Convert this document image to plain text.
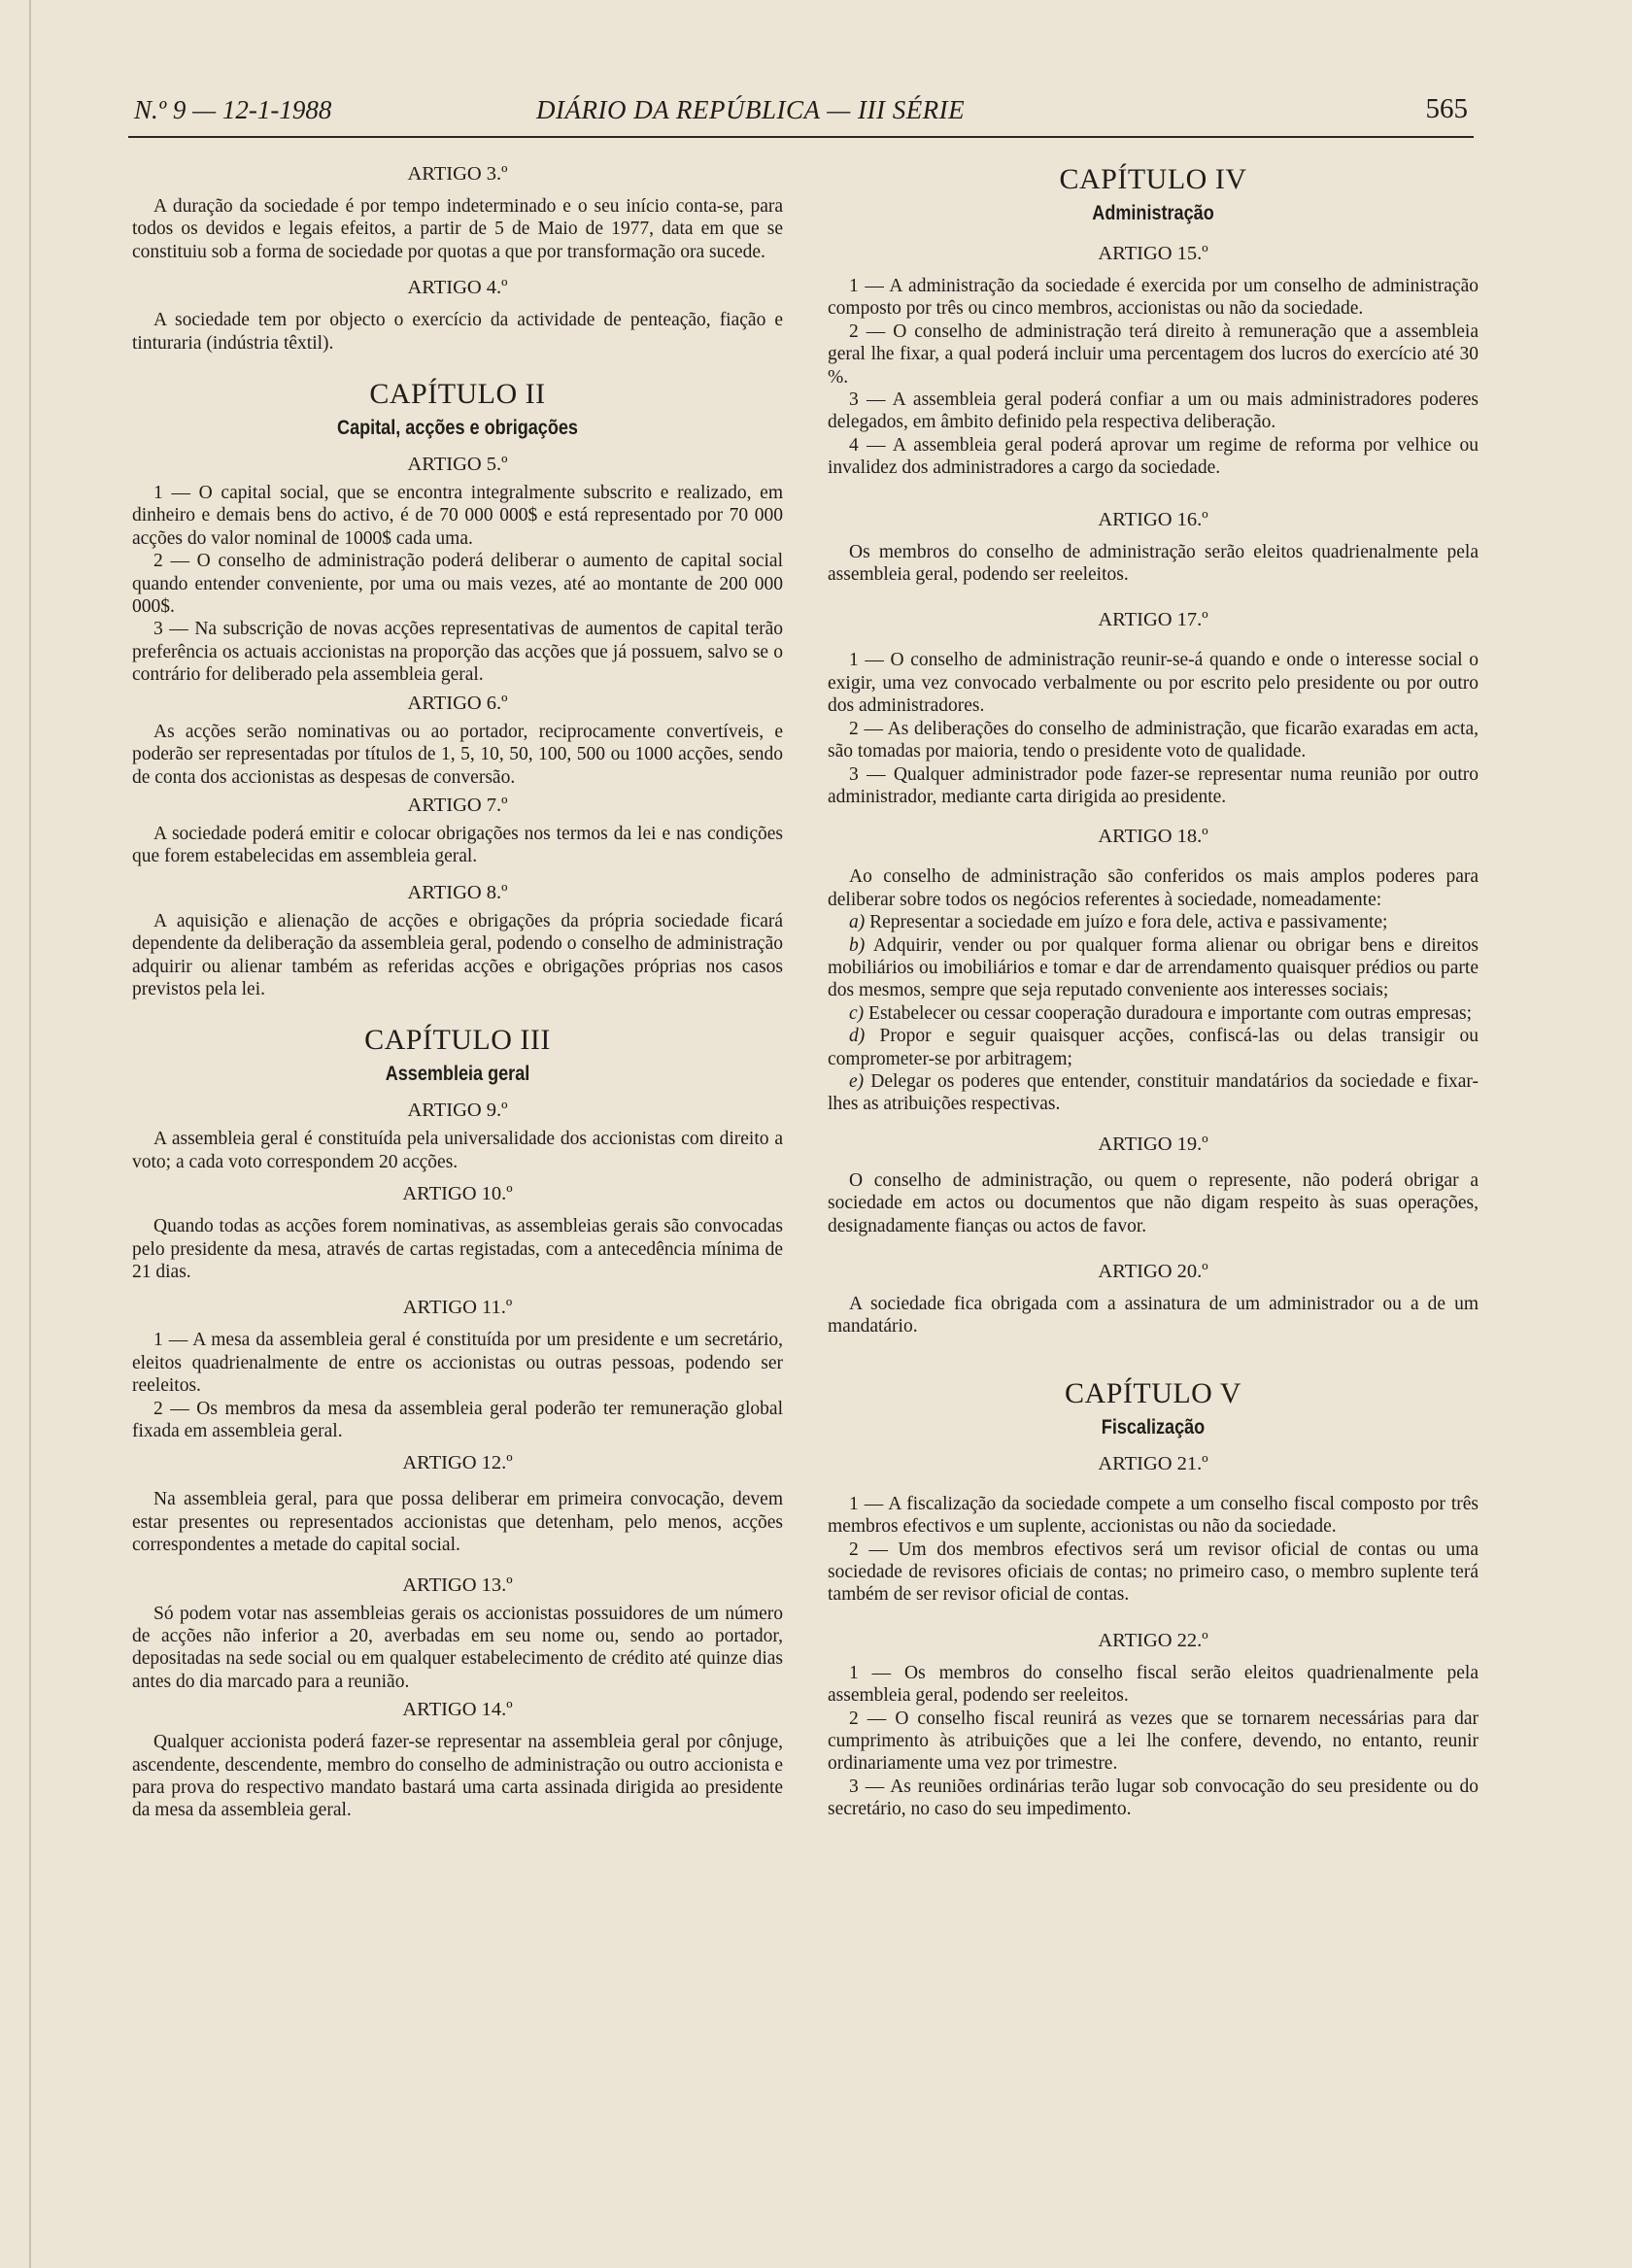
N.º 9 — 12-1-1988	DIÁRIO DA REPÚBLICA — III SÉRIE	565

ARTIGO 3.º

A duração da sociedade é por tempo indeterminado e o seu início conta-se, para todos os devidos e legais efeitos, a partir de 5 de Maio de 1977, data em que se constituiu sob a forma de sociedade por quotas a que por transformação ora sucede.

ARTIGO 4.º

A sociedade tem por objecto o exercício da actividade de penteação, fiação e tinturaria (indústria têxtil).

CAPÍTULO II

Capital, acções e obrigações

ARTIGO 5.º

1 — O capital social, que se encontra integralmente subscrito e realizado, em dinheiro e demais bens do activo, é de 70 000 000$ e está representado por 70 000 acções do valor nominal de 1000$ cada uma.

2 — O conselho de administração poderá deliberar o aumento de capital social quando entender conveniente, por uma ou mais vezes, até ao montante de 200 000 000$.

3 — Na subscrição de novas acções representativas de aumentos de capital terão preferência os actuais accionistas na proporção das acções que já possuem, salvo se o contrário for deliberado pela assembleia geral.

ARTIGO 6.º

As acções serão nominativas ou ao portador, reciprocamente convertíveis, e poderão ser representadas por títulos de 1, 5, 10, 50, 100, 500 ou 1000 acções, sendo de conta dos accionistas as despesas de conversão.

ARTIGO 7.º

A sociedade poderá emitir e colocar obrigações nos termos da lei e nas condições que forem estabelecidas em assembleia geral.

ARTIGO 8.º

A aquisição e alienação de acções e obrigações da própria sociedade ficará dependente da deliberação da assembleia geral, podendo o conselho de administração adquirir ou alienar também as referidas acções e obrigações próprias nos casos previstos pela lei.

CAPÍTULO III

Assembleia geral

ARTIGO 9.º

A assembleia geral é constituída pela universalidade dos accionistas com direito a voto; a cada voto correspondem 20 acções.

ARTIGO 10.º

Quando todas as acções forem nominativas, as assembleias gerais são convocadas pelo presidente da mesa, através de cartas registadas, com a antecedência mínima de 21 dias.

ARTIGO 11.º

1 — A mesa da assembleia geral é constituída por um presidente e um secretário, eleitos quadrienalmente de entre os accionistas ou outras pessoas, podendo ser reeleitos.

2 — Os membros da mesa da assembleia geral poderão ter remuneração global fixada em assembleia geral.

ARTIGO 12.º

Na assembleia geral, para que possa deliberar em primeira convocação, devem estar presentes ou representados accionistas que detenham, pelo menos, acções correspondentes a metade do capital social.

ARTIGO 13.º

Só podem votar nas assembleias gerais os accionistas possuidores de um número de acções não inferior a 20, averbadas em seu nome ou, sendo ao portador, depositadas na sede social ou em qualquer estabelecimento de crédito até quinze dias antes do dia marcado para a reunião.

ARTIGO 14.º

Qualquer accionista poderá fazer-se representar na assembleia geral por cônjuge, ascendente, descendente, membro do conselho de administração ou outro accionista e para prova do respectivo mandato bastará uma carta assinada dirigida ao presidente da mesa da assembleia geral.

CAPÍTULO IV

Administração

ARTIGO 15.º

1 — A administração da sociedade é exercida por um conselho de administração composto por três ou cinco membros, accionistas ou não da sociedade.

2 — O conselho de administração terá direito à remuneração que a assembleia geral lhe fixar, a qual poderá incluir uma percentagem dos lucros do exercício até 30 %.

3 — A assembleia geral poderá confiar a um ou mais administradores poderes delegados, em âmbito definido pela respectiva deliberação.

4 — A assembleia geral poderá aprovar um regime de reforma por velhice ou invalidez dos administradores a cargo da sociedade.

ARTIGO 16.º

Os membros do conselho de administração serão eleitos quadrienalmente pela assembleia geral, podendo ser reeleitos.

ARTIGO 17.º

1 — O conselho de administração reunir-se-á quando e onde o interesse social o exigir, uma vez convocado verbalmente ou por escrito pelo presidente ou por outro dos administradores.

2 — As deliberações do conselho de administração, que ficarão exaradas em acta, são tomadas por maioria, tendo o presidente voto de qualidade.

3 — Qualquer administrador pode fazer-se representar numa reunião por outro administrador, mediante carta dirigida ao presidente.

ARTIGO 18.º

Ao conselho de administração são conferidos os mais amplos poderes para deliberar sobre todos os negócios referentes à sociedade, nomeadamente:

a) Representar a sociedade em juízo e fora dele, activa e passivamente;

b) Adquirir, vender ou por qualquer forma alienar ou obrigar bens e direitos mobiliários ou imobiliários e tomar e dar de arrendamento quaisquer prédios ou parte dos mesmos, sempre que seja reputado conveniente aos interesses sociais;

c) Estabelecer ou cessar cooperação duradoura e importante com outras empresas;

d) Propor e seguir quaisquer acções, confiscá-las ou delas transigir ou comprometer-se por arbitragem;

e) Delegar os poderes que entender, constituir mandatários da sociedade e fixar-lhes as atribuições respectivas.

ARTIGO 19.º

O conselho de administração, ou quem o represente, não poderá obrigar a sociedade em actos ou documentos que não digam respeito às suas operações, designadamente fianças ou actos de favor.

ARTIGO 20.º

A sociedade fica obrigada com a assinatura de um administrador ou a de um mandatário.

CAPÍTULO V

Fiscalização

ARTIGO 21.º

1 — A fiscalização da sociedade compete a um conselho fiscal composto por três membros efectivos e um suplente, accionistas ou não da sociedade.

2 — Um dos membros efectivos será um revisor oficial de contas ou uma sociedade de revisores oficiais de contas; no primeiro caso, o membro suplente terá também de ser revisor oficial de contas.

ARTIGO 22.º

1 — Os membros do conselho fiscal serão eleitos quadrienalmente pela assembleia geral, podendo ser reeleitos.

2 — O conselho fiscal reunirá as vezes que se tornarem necessárias para dar cumprimento às atribuições que a lei lhe confere, devendo, no entanto, reunir ordinariamente uma vez por trimestre.

3 — As reuniões ordinárias terão lugar sob convocação do seu presidente ou do secretário, no caso do seu impedimento.
